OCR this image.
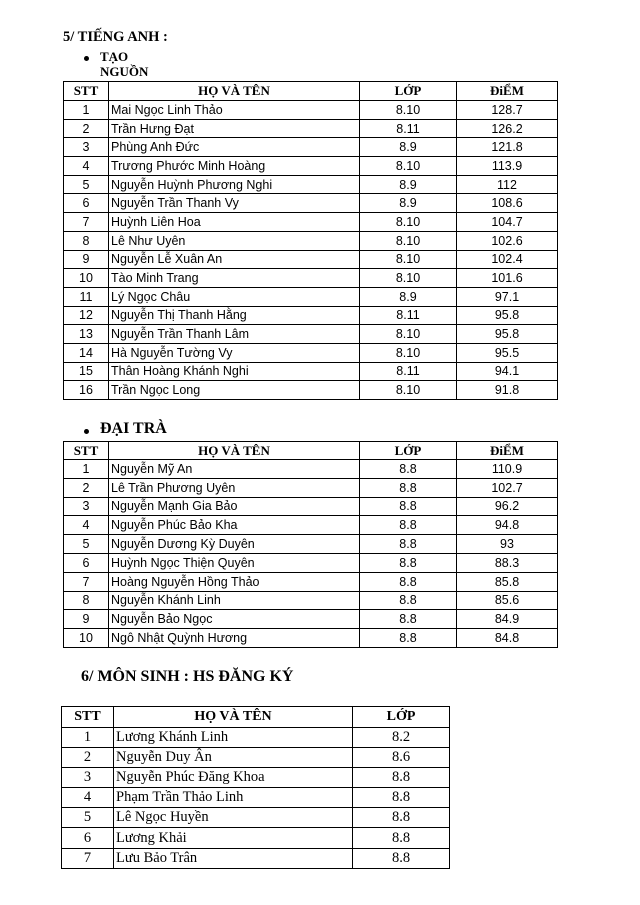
5/ TIẾNG ANH :
TẠO
NGUỒN
STT	HỌ VÀ TÊN	LỚP	ĐiỂM
1	Mai Ngọc Linh Thảo	8.10	128.7
2	Trần Hưng Đạt	8.11	126.2
3	Phùng Anh Đức	8.9	121.8
4	Trương Phước Minh Hoàng	8.10	113.9
5	Nguyễn Huỳnh Phương Nghi	8.9	112
6	Nguyễn Trần Thanh Vy	8.9	108.6
7	Huỳnh Liên Hoa	8.10	104.7
8	Lê Như Uyên	8.10	102.6
9	Nguyễn Lễ Xuân An	8.10	102.4
10	Tào Minh Trang	8.10	101.6
11	Lý Ngọc Châu	8.9	97.1
12	Nguyễn Thị Thanh Hằng	8.11	95.8
13	Nguyễn Trần Thanh Lâm	8.10	95.8
14	Hà Nguyễn Tường Vy	8.10	95.5
15	Thân Hoàng Khánh Nghi	8.11	94.1
16	Trần Ngọc Long	8.10	91.8
ĐẠI TRÀ
STT	HỌ VÀ TÊN	LỚP	ĐiỂM
1	Nguyễn Mỹ An	8.8	110.9
2	Lê Trần Phương Uyên	8.8	102.7
3	Nguyễn Mạnh Gia Bảo	8.8	96.2
4	Nguyễn Phúc Bảo Kha	8.8	94.8
5	Nguyễn Dương Kỳ Duyên	8.8	93
6	Huỳnh Ngọc Thiện Quyên	8.8	88.3
7	Hoàng Nguyễn Hồng Thảo	8.8	85.8
8	Nguyễn Khánh Linh	8.8	85.6
9	Nguyễn Bảo Ngọc	8.8	84.9
10	Ngô Nhật Quỳnh Hương	8.8	84.8
6/ MÔN SINH : HS ĐĂNG KÝ
STT	HỌ VÀ TÊN	LỚP
1	Lương Khánh Linh	8.2
2	Nguyễn Duy Ân	8.6
3	Nguyễn Phúc Đăng Khoa	8.8
4	Phạm Trần Thảo Linh	8.8
5	Lê Ngọc Huyền	8.8
6	Lương Khải	8.8
7	Lưu Bảo Trân	8.8
